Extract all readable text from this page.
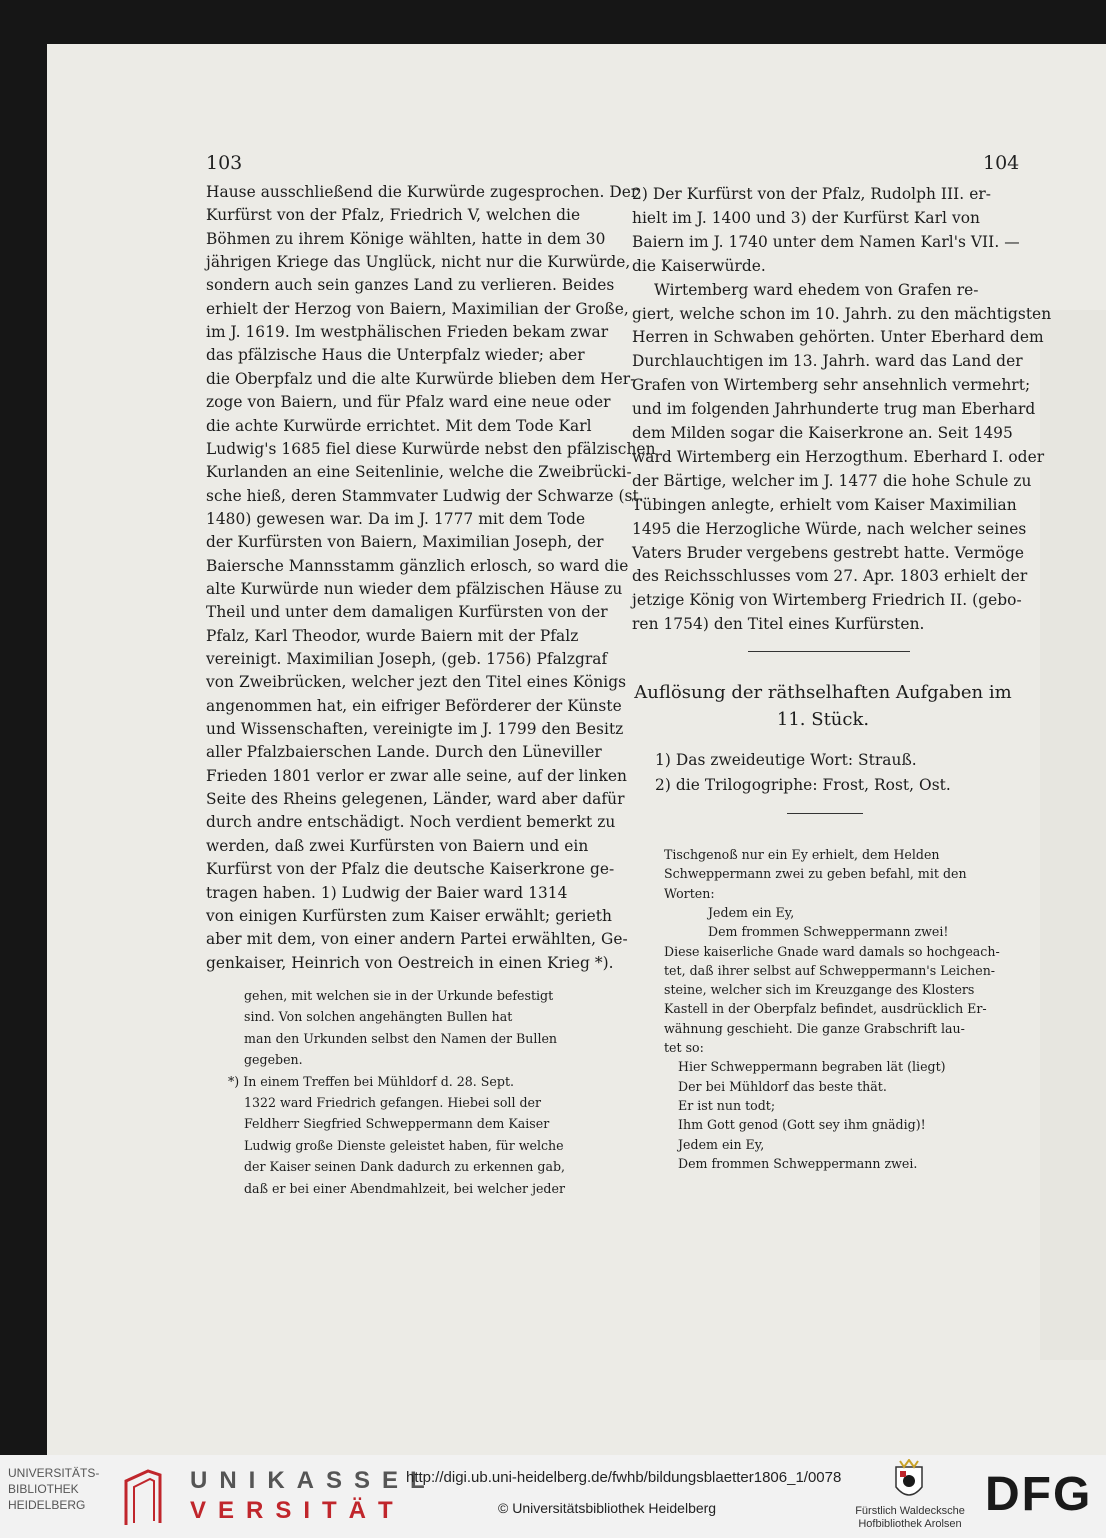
103	104
Hause ausschließend die Kurwürde zugesprochen. Der
Kurfürst von der Pfalz, Friedrich V, welchen die
Böhmen zu ihrem Könige wählten, hatte in dem 30
jährigen Kriege das Unglück, nicht nur die Kurwürde,
sondern auch sein ganzes Land zu verlieren. Beides
erhielt der Herzog von Baiern, Maximilian der Große,
im J. 1619. Im westphälischen Frieden bekam zwar
das pfälzische Haus die Unterpfalz wieder; aber
die Oberpfalz und die alte Kurwürde blieben dem Her-
zoge von Baiern, und für Pfalz ward eine neue oder
die achte Kurwürde errichtet. Mit dem Tode Karl
Ludwig's 1685 fiel diese Kurwürde nebst den pfälzischen
Kurlanden an eine Seitenlinie, welche die Zweibrücki-
sche hieß, deren Stammvater Ludwig der Schwarze (st.
1480) gewesen war. Da im J. 1777 mit dem Tode
der Kurfürsten von Baiern, Maximilian Joseph, der
Baiersche Mannsstamm gänzlich erlosch, so ward die
alte Kurwürde nun wieder dem pfälzischen Häuse zu
Theil und unter dem damaligen Kurfürsten von der
Pfalz, Karl Theodor, wurde Baiern mit der Pfalz
vereinigt. Maximilian Joseph, (geb. 1756) Pfalzgraf
von Zweibrücken, welcher jezt den Titel eines Königs
angenommen hat, ein eifriger Beförderer der Künste
und Wissenschaften, vereinigte im J. 1799 den Besitz
aller Pfalzbaierschen Lande. Durch den Lüneviller
Frieden 1801 verlor er zwar alle seine, auf der linken
Seite des Rheins gelegenen, Länder, ward aber dafür
durch andre entschädigt. Noch verdient bemerkt zu
werden, daß zwei Kurfürsten von Baiern und ein
Kurfürst von der Pfalz die deutsche Kaiserkrone ge-
tragen haben. 1) Ludwig der Baier ward 1314
von einigen Kurfürsten zum Kaiser erwählt; gerieth
aber mit dem, von einer andern Partei erwählten, Ge-
genkaiser, Heinrich von Oestreich in einen Krieg *).
gehen, mit welchen sie in der Urkunde befestigt
sind. Von solchen angehängten Bullen hat
man den Urkunden selbst den Namen der Bullen
gegeben.
*) In einem Treffen bei Mühldorf d. 28. Sept.
1322 ward Friedrich gefangen. Hiebei soll der
Feldherr Siegfried Schweppermann dem Kaiser
Ludwig große Dienste geleistet haben, für welche
der Kaiser seinen Dank dadurch zu erkennen gab,
daß er bei einer Abendmahlzeit, bei welcher jeder
2) Der Kurfürst von der Pfalz, Rudolph III. er-
hielt im J. 1400 und 3) der Kurfürst Karl von
Baiern im J. 1740 unter dem Namen Karl's VII. —
die Kaiserwürde.
Wirtemberg ward ehedem von Grafen re-
giert, welche schon im 10. Jahrh. zu den mächtigsten
Herren in Schwaben gehörten. Unter Eberhard dem
Durchlauchtigen im 13. Jahrh. ward das Land der
Grafen von Wirtemberg sehr ansehnlich vermehrt;
und im folgenden Jahrhunderte trug man Eberhard
dem Milden sogar die Kaiserkrone an. Seit 1495
ward Wirtemberg ein Herzogthum. Eberhard I. oder
der Bärtige, welcher im J. 1477 die hohe Schule zu
Tübingen anlegte, erhielt vom Kaiser Maximilian
1495 die Herzogliche Würde, nach welcher seines
Vaters Bruder vergebens gestrebt hatte. Vermöge
des Reichsschlusses vom 27. Apr. 1803 erhielt der
jetzige König von Wirtemberg Friedrich II. (gebo-
ren 1754) den Titel eines Kurfürsten.
Auflösung der räthselhaften Aufgaben im
11. Stück.
1) Das zweideutige Wort: Strauß.
2) die Trilogogriphe: Frost, Rost, Ost.
Tischgenoß nur ein Ey erhielt, dem Helden
Schweppermann zwei zu geben befahl, mit den
Worten:
Jedem ein Ey,
Dem frommen Schweppermann zwei!
Diese kaiserliche Gnade ward damals so hochgeach-
tet, daß ihrer selbst auf Schweppermann's Leichen-
steine, welcher sich im Kreuzgange des Klosters
Kastell in der Oberpfalz befindet, ausdrücklich Er-
wähnung geschieht. Die ganze Grabschrift lau-
tet so:
Hier Schweppermann begraben lät (liegt)
Der bei Mühldorf das beste thät.
Er ist nun todt;
Ihm Gott genod (Gott sey ihm gnädig)!
Jedem ein Ey,
Dem frommen Schweppermann zwei.
UNIVERSITÄTS-
BIBLIOTHEK
HEIDELBERG
UNIKASSEL
VERSITÄT
http://digi.ub.uni-heidelberg.de/fwhb/bildungsblaetter1806_1/0078
© Universitätsbibliothek Heidelberg	Fürstlich Waldecksche
Hofbibliothek Arolsen
DFG
